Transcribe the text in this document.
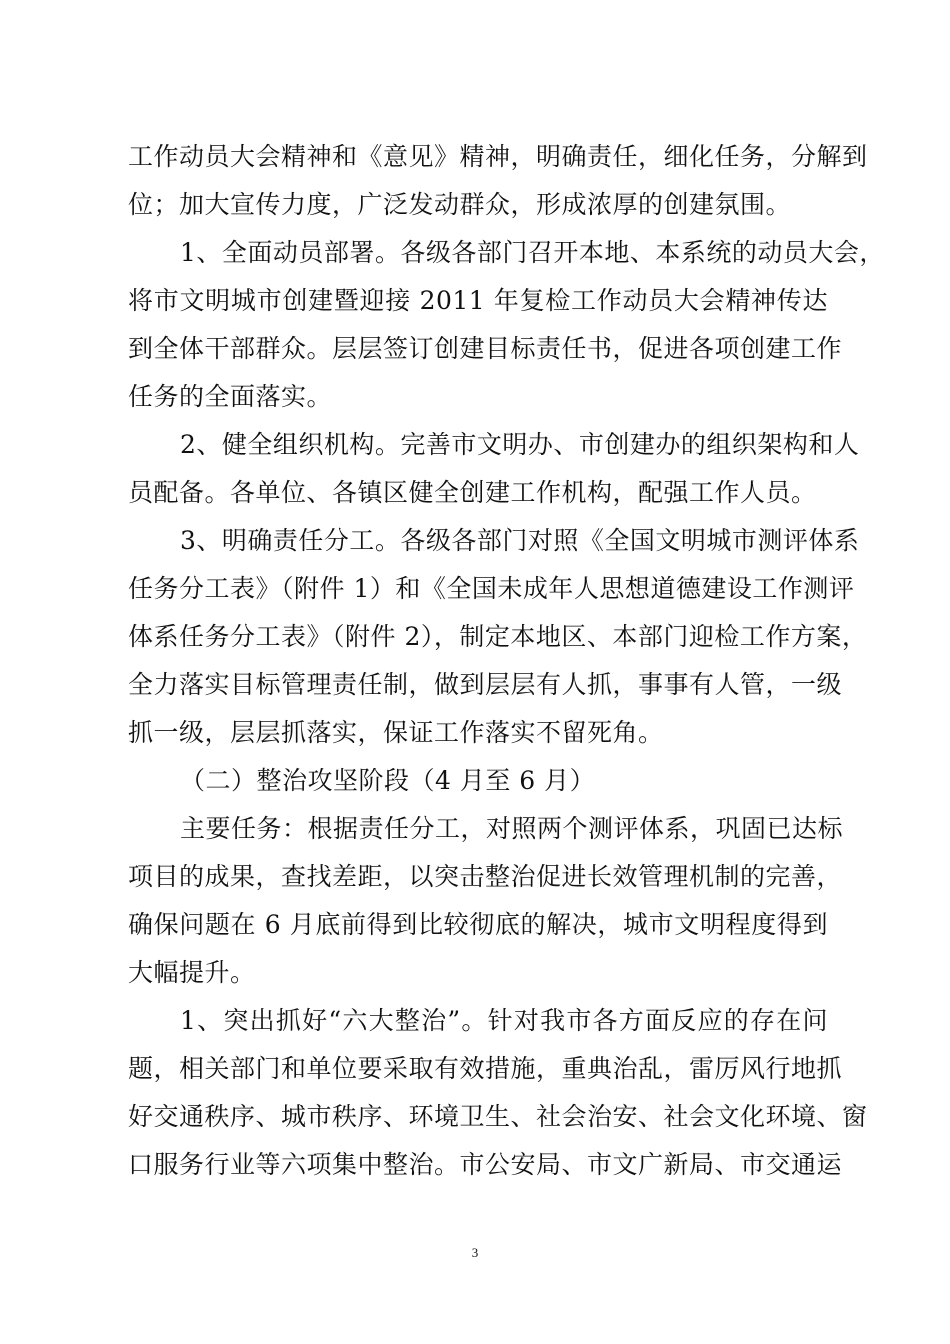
工作动员大会精神和《意见》精神，明确责任，细化任务，分解到
位；加大宣传力度，广泛发动群众，形成浓厚的创建氛围。
1、全面动员部署。各级各部门召开本地、本系统的动员大会，
将市文明城市创建暨迎接 2011 年复检工作动员大会精神传达
到全体干部群众。层层签订创建目标责任书，促进各项创建工作
任务的全面落实。
2、健全组织机构。完善市文明办、市创建办的组织架构和人
员配备。各单位、各镇区健全创建工作机构，配强工作人员。
3、明确责任分工。各级各部门对照《全国文明城市测评体系
任务分工表》（附件 1）和《全国未成年人思想道德建设工作测评
体系任务分工表》（附件 2），制定本地区、本部门迎检工作方案，
全力落实目标管理责任制，做到层层有人抓，事事有人管，一级
抓一级，层层抓落实，保证工作落实不留死角。
（二）整治攻坚阶段（4 月至 6 月）
主要任务：根据责任分工，对照两个测评体系，巩固已达标
项目的成果，查找差距，以突击整治促进长效管理机制的完善，
确保问题在 6 月底前得到比较彻底的解决，城市文明程度得到
大幅提升。
1、突出抓好“六大整治”。针对我市各方面反应的存在问
题，相关部门和单位要采取有效措施，重典治乱，雷厉风行地抓
好交通秩序、城市秩序、环境卫生、社会治安、社会文化环境、窗
口服务行业等六项集中整治。市公安局、市文广新局、市交通运
3
